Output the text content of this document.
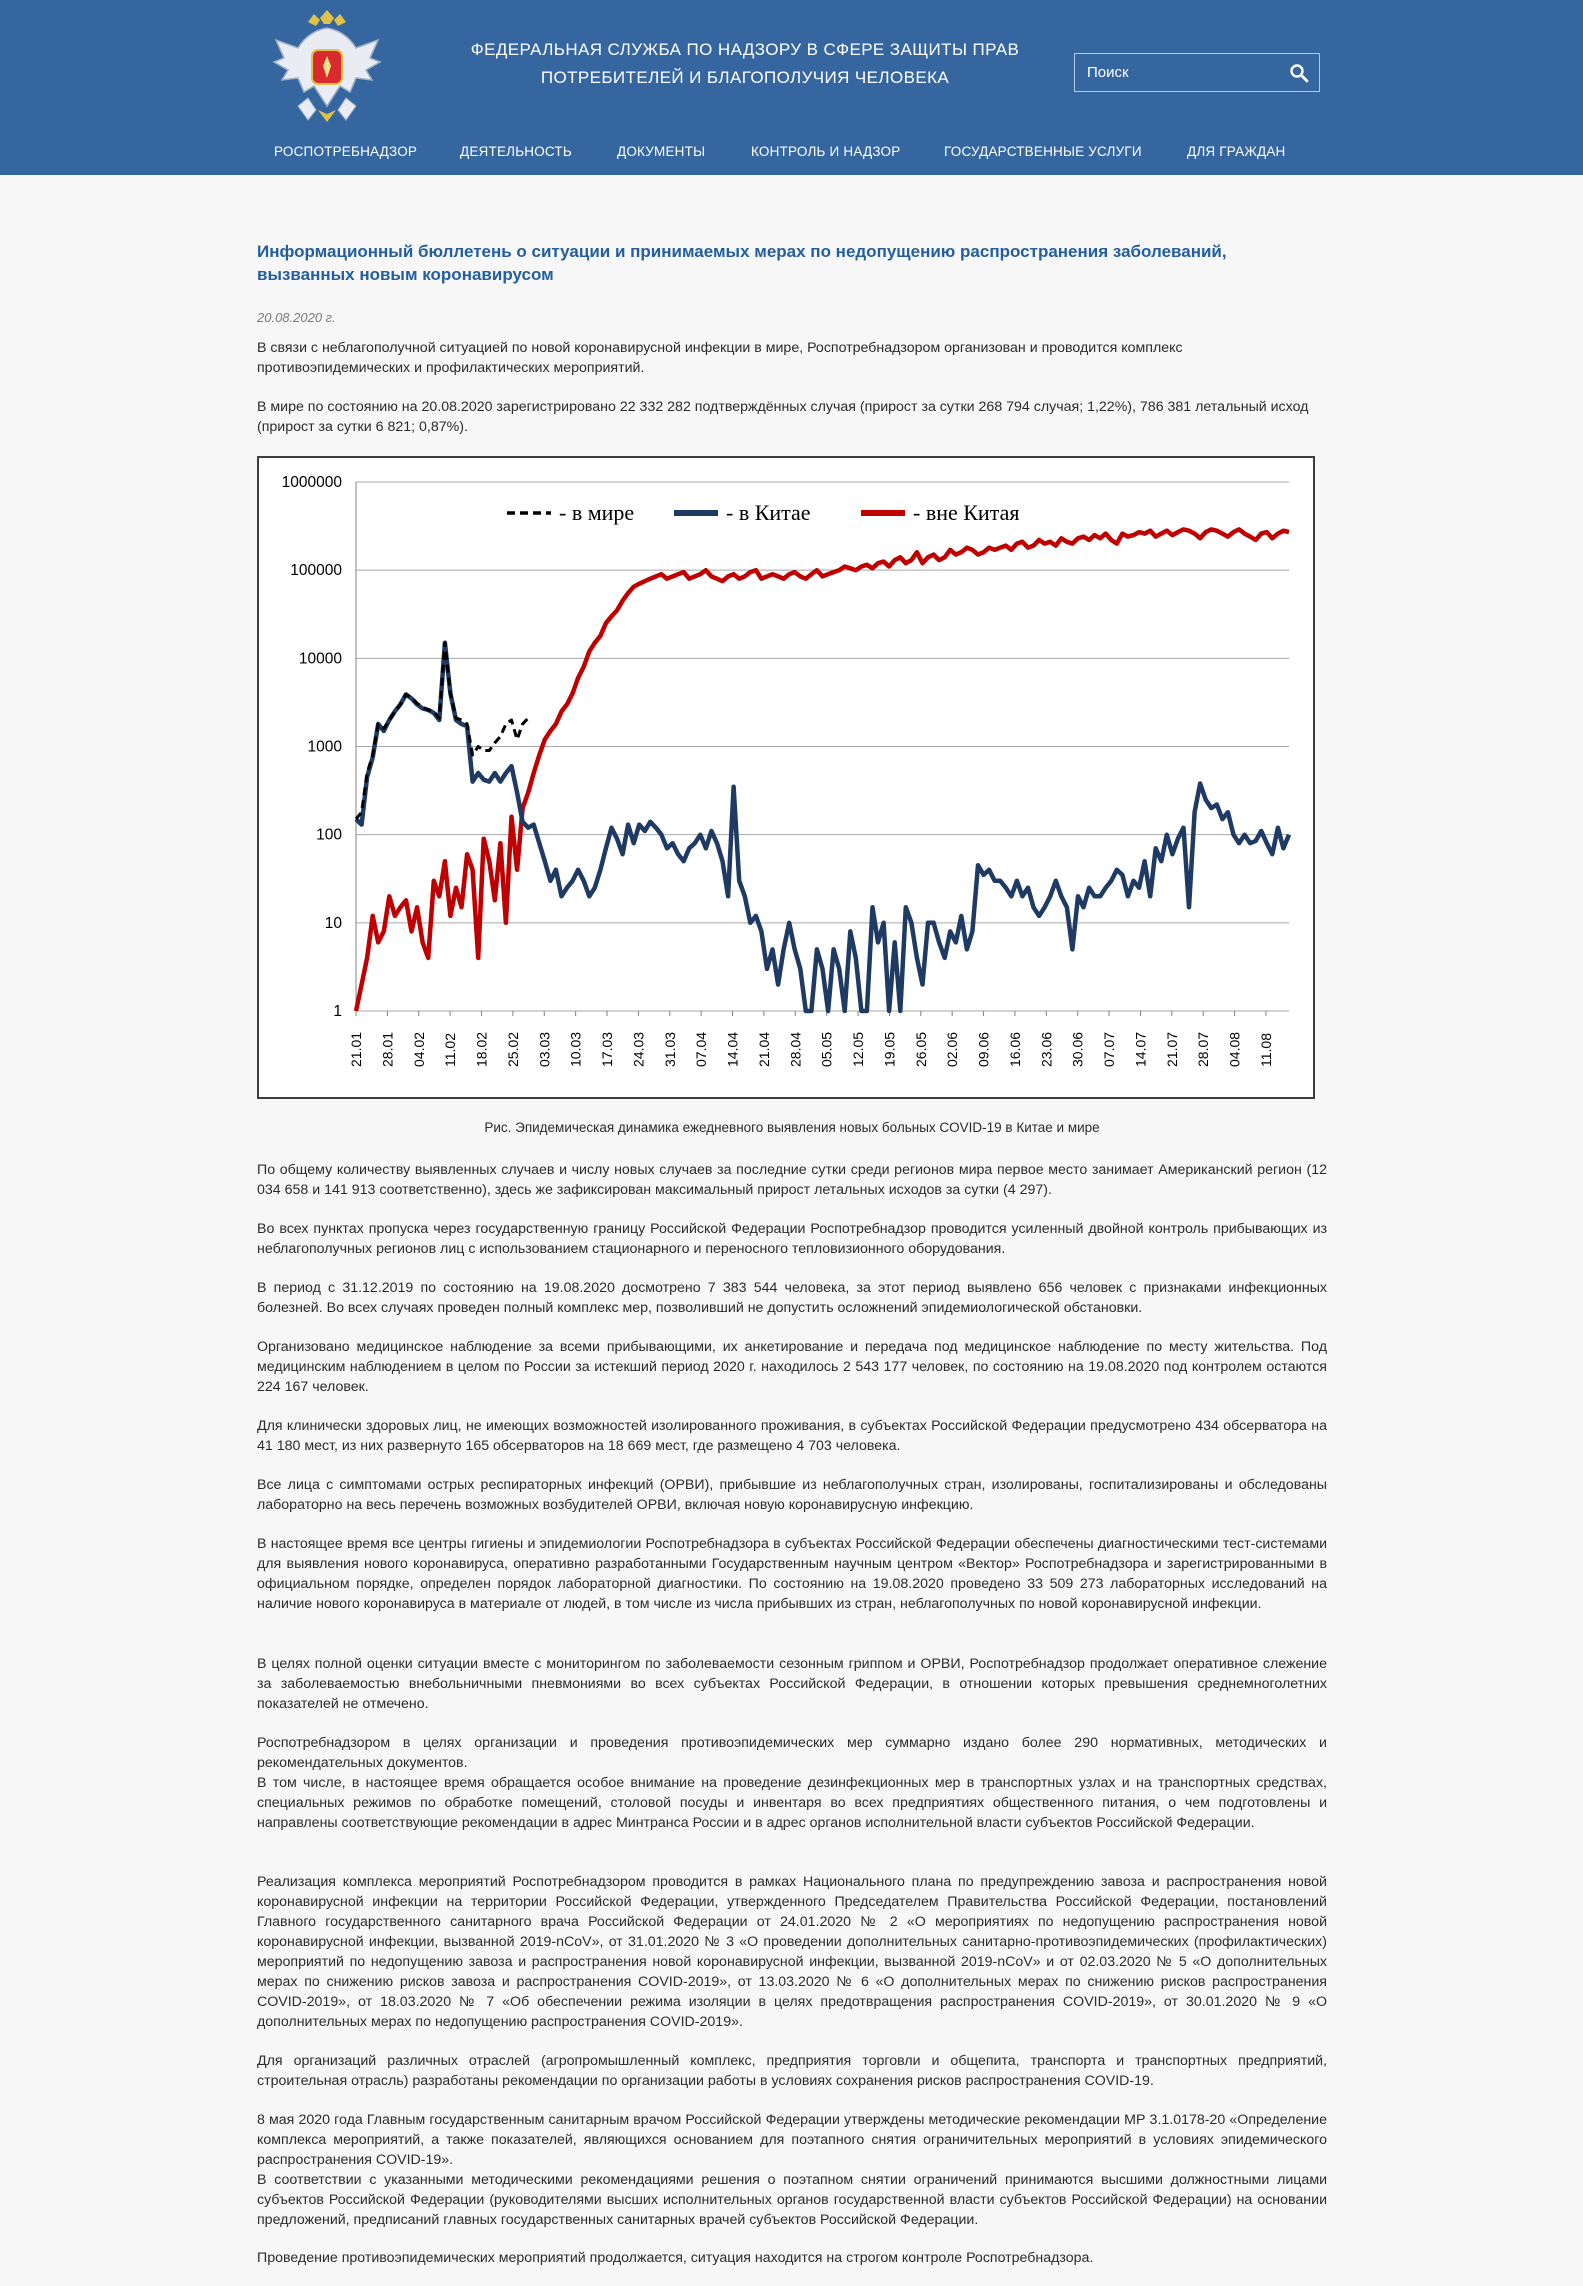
ФЕДЕРАЛЬНАЯ СЛУЖБА ПО НАДЗОРУ В СФЕРЕ ЗАЩИТЫ ПРАВ
ПОТРЕБИТЕЛЕЙ И БЛАГОПОЛУЧИЯ ЧЕЛОВЕКА
Поиск
РОСПОТРЕБНАДЗОР	ДЕЯТЕЛЬНОСТЬ	ДОКУМЕНТЫ	КОНТРОЛЬ И НАДЗОР	ГОСУДАРСТВЕННЫЕ УСЛУГИ	ДЛЯ ГРАЖДАН
Информационный бюллетень о ситуации и принимаемых мерах по недопущению распространения заболеваний, вызванных новым коронавирусом
20.08.2020 г.
В связи с неблагополучной ситуацией по новой коронавирусной инфекции в мире, Роспотребнадзором организован и проводится комплекс противоэпидемических и профилактических мероприятий.
В мире по состоянию на 20.08.2020 зарегистрировано 22 332 282 подтверждённых случая (прирост за сутки 268 794 случая; 1,22%), 786 381 летальный исход (прирост за сутки 6 821; 0,87%).
1
10
100
1000
10000
100000
1000000
21.01 28.01 04.02 11.02 18.02 25.02 03.03 10.03 17.03 24.03 31.03 07.04 14.04 21.04 28.04 05.05 12.05 19.05 26.05 02.06 09.06 16.06 23.06 30.06 07.07 14.07 21.07 28.07 04.08 11.08
- в мире	- в Китае	- вне Китая
Рис. Эпидемическая динамика ежедневного выявления новых больных COVID-19 в Китае и мире
По общему количеству выявленных случаев и числу новых случаев за последние сутки среди регионов мира первое место занимает Американский регион (12 034 658 и 141 913 соответственно), здесь же зафиксирован максимальный прирост летальных исходов за сутки (4 297).
Во всех пунктах пропуска через государственную границу Российской Федерации Роспотребнадзор проводится усиленный двойной контроль прибывающих из неблагополучных регионов лиц с использованием стационарного и переносного тепловизионного оборудования.
В период с 31.12.2019 по состоянию на 19.08.2020 досмотрено 7 383 544 человека, за этот период выявлено 656 человек с признаками инфекционных болезней. Во всех случаях проведен полный комплекс мер, позволивший не допустить осложнений эпидемиологической обстановки.
Организовано медицинское наблюдение за всеми прибывающими, их анкетирование и передача под медицинское наблюдение по месту жительства. Под медицинским наблюдением в целом по России за истекший период 2020 г. находилось 2 543 177 человек, по состоянию на 19.08.2020 под контролем остаются 224 167 человек.
Для клинически здоровых лиц, не имеющих возможностей изолированного проживания, в субъектах Российской Федерации предусмотрено 434 обсерватора на 41 180 мест, из них развернуто 165 обсерваторов на 18 669 мест, где размещено 4 703 человека.
Все лица с симптомами острых респираторных инфекций (ОРВИ), прибывшие из неблагополучных стран, изолированы, госпитализированы и обследованы лабораторно на весь перечень возможных возбудителей ОРВИ, включая новую коронавирусную инфекцию.
В настоящее время все центры гигиены и эпидемиологии Роспотребнадзора в субъектах Российской Федерации обеспечены диагностическими тест-системами для выявления нового коронавируса, оперативно разработанными Государственным научным центром «Вектор» Роспотребнадзора и зарегистрированными в официальном порядке, определен порядок лабораторной диагностики. По состоянию на 19.08.2020 проведено 33 509 273 лабораторных исследований на наличие нового коронавируса в материале от людей, в том числе из числа прибывших из стран, неблагополучных по новой коронавирусной инфекции.
В целях полной оценки ситуации вместе с мониторингом по заболеваемости сезонным гриппом и ОРВИ, Роспотребнадзор продолжает оперативное слежение за заболеваемостью внебольничными пневмониями во всех субъектах Российской Федерации, в отношении которых превышения среднемноголетних показателей не отмечено.
Роспотребнадзором в целях организации и проведения противоэпидемических мер суммарно издано более 290 нормативных, методических и рекомендательных документов.
В том числе, в настоящее время обращается особое внимание на проведение дезинфекционных мер в транспортных узлах и на транспортных средствах, специальных режимов по обработке помещений, столовой посуды и инвентаря во всех предприятиях общественного питания, о чем подготовлены и направлены соответствующие рекомендации в адрес Минтранса России и в адрес органов исполнительной власти субъектов Российской Федерации.
Реализация комплекса мероприятий Роспотребнадзором проводится в рамках Национального плана по предупреждению завоза и распространения новой коронавирусной инфекции на территории Российской Федерации, утвержденного Председателем Правительства Российской Федерации, постановлений Главного государственного санитарного врача Российской Федерации от 24.01.2020 № 2 «О мероприятиях по недопущению распространения новой коронавирусной инфекции, вызванной 2019-nCoV», от 31.01.2020 № 3 «О проведении дополнительных санитарно-противоэпидемических (профилактических) мероприятий по недопущению завоза и распространения новой коронавирусной инфекции, вызванной 2019-nCoV» и от 02.03.2020 № 5 «О дополнительных мерах по снижению рисков завоза и распространения COVID-2019», от 13.03.2020 № 6 «О дополнительных мерах по снижению рисков распространения COVID-2019», от 18.03.2020 № 7 «Об обеспечении режима изоляции в целях предотвращения распространения COVID-2019», от 30.01.2020 № 9 «О дополнительных мерах по недопущению распространения COVID-2019».
Для организаций различных отраслей (агропромышленный комплекс, предприятия торговли и общепита, транспорта и транспортных предприятий, строительная отрасль) разработаны рекомендации по организации работы в условиях сохранения рисков распространения COVID-19.
8 мая 2020 года Главным государственным санитарным врачом Российской Федерации утверждены методические рекомендации МР 3.1.0178-20 «Определение комплекса мероприятий, а также показателей, являющихся основанием для поэтапного снятия ограничительных мероприятий в условиях эпидемического распространения COVID-19».
В соответствии с указанными методическими рекомендациями решения о поэтапном снятии ограничений принимаются высшими должностными лицами субъектов Российской Федерации (руководителями высших исполнительных органов государственной власти субъектов Российской Федерации) на основании предложений, предписаний главных государственных санитарных врачей субъектов Российской Федерации.
Проведение противоэпидемических мероприятий продолжается, ситуация находится на строгом контроле Роспотребнадзора.
